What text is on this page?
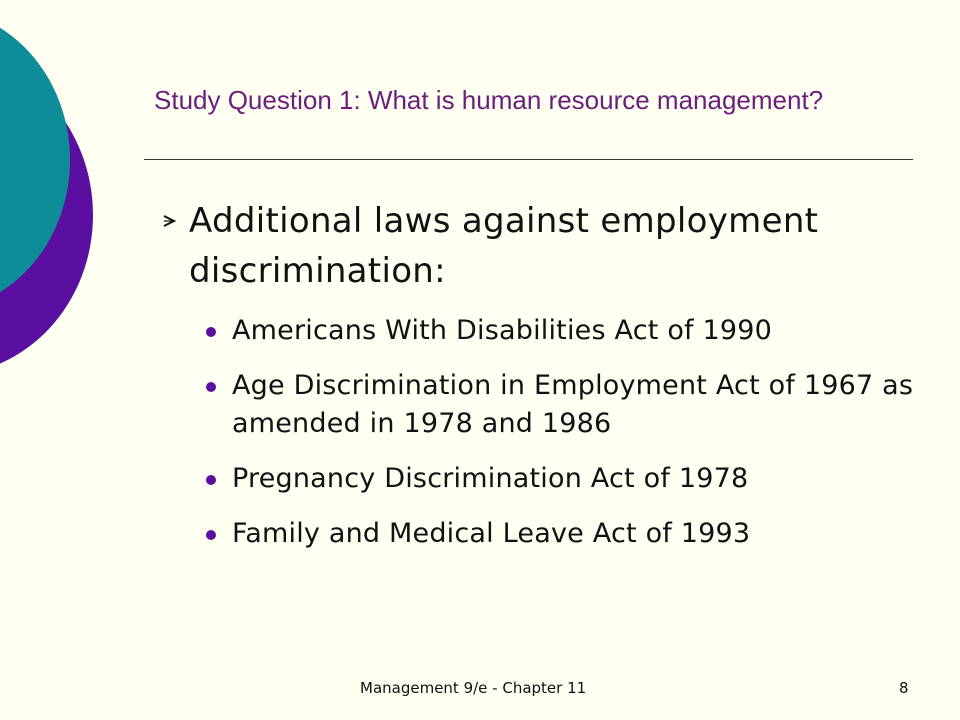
Study Question 1: What is human resource management?
Additional laws against employment discrimination:
Americans With Disabilities Act of 1990
Age Discrimination in Employment Act of 1967 as amended in 1978 and 1986
Pregnancy Discrimination Act of 1978
Family and Medical Leave Act of 1993
Management 9/e - Chapter 11	8
